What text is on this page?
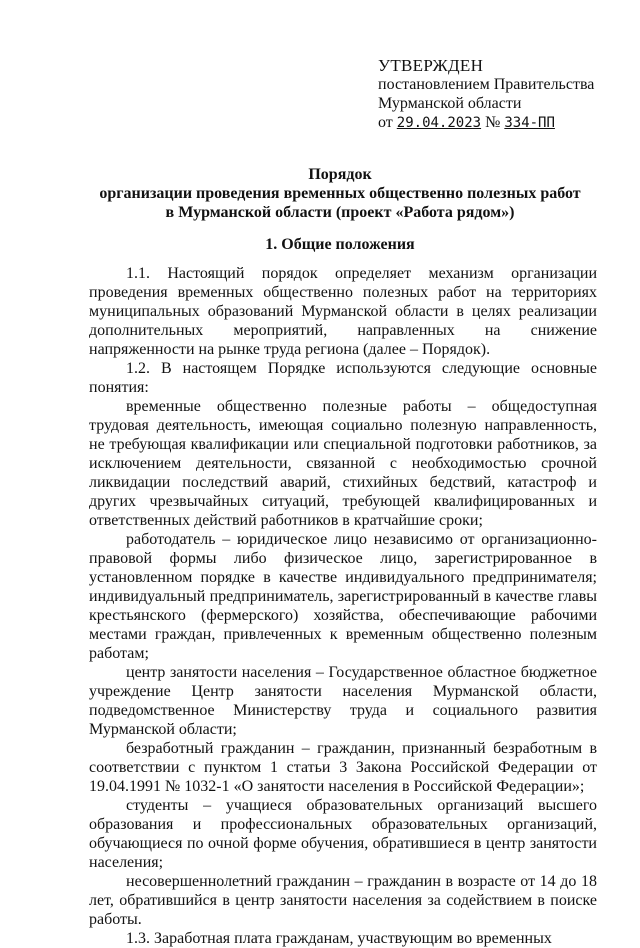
УТВЕРЖДЕН
постановлением Правительства
Мурманской области
от 29.04.2023 № 334-ПП
Порядок
организации проведения временных общественно полезных работ
в Мурманской области (проект «Работа рядом»)
1. Общие положения

1.1. Настоящий порядок определяет механизм организации проведения временных общественно полезных работ на территориях муниципальных образований Мурманской области в целях реализации дополнительных мероприятий, направленных на снижение напряженности на рынке труда региона (далее – Порядок).

1.2. В настоящем Порядке используются следующие основные понятия:

временные общественно полезные работы – общедоступная трудовая деятельность, имеющая социально полезную направленность, не требующая квалификации или специальной подготовки работников, за исключением деятельности, связанной с необходимостью срочной ликвидации последствий аварий, стихийных бедствий, катастроф и других чрезвычайных ситуаций, требующей квалифицированных и ответственных действий работников в кратчайшие сроки;

работодатель – юридическое лицо независимо от организационно-правовой формы либо физическое лицо, зарегистрированное в установленном порядке в качестве индивидуального предпринимателя; индивидуальный предприниматель, зарегистрированный в качестве главы крестьянского (фермерского) хозяйства, обеспечивающие рабочими местами граждан, привлеченных к временным общественно полезным работам;

центр занятости населения – Государственное областное бюджетное учреждение Центр занятости населения Мурманской области, подведомственное Министерству труда и социального развития Мурманской области;

безработный гражданин – гражданин, признанный безработным в соответствии с пунктом 1 статьи 3 Закона Российской Федерации от 19.04.1991 № 1032-1 «О занятости населения в Российской Федерации»;

студенты – учащиеся образовательных организаций высшего образования и профессиональных образовательных организаций, обучающиеся по очной форме обучения, обратившиеся в центр занятости населения;

несовершеннолетний гражданин – гражданин в возрасте от 14 до 18 лет, обратившийся в центр занятости населения за содействием в поиске работы.

1.3. Заработная плата гражданам, участвующим во временных
